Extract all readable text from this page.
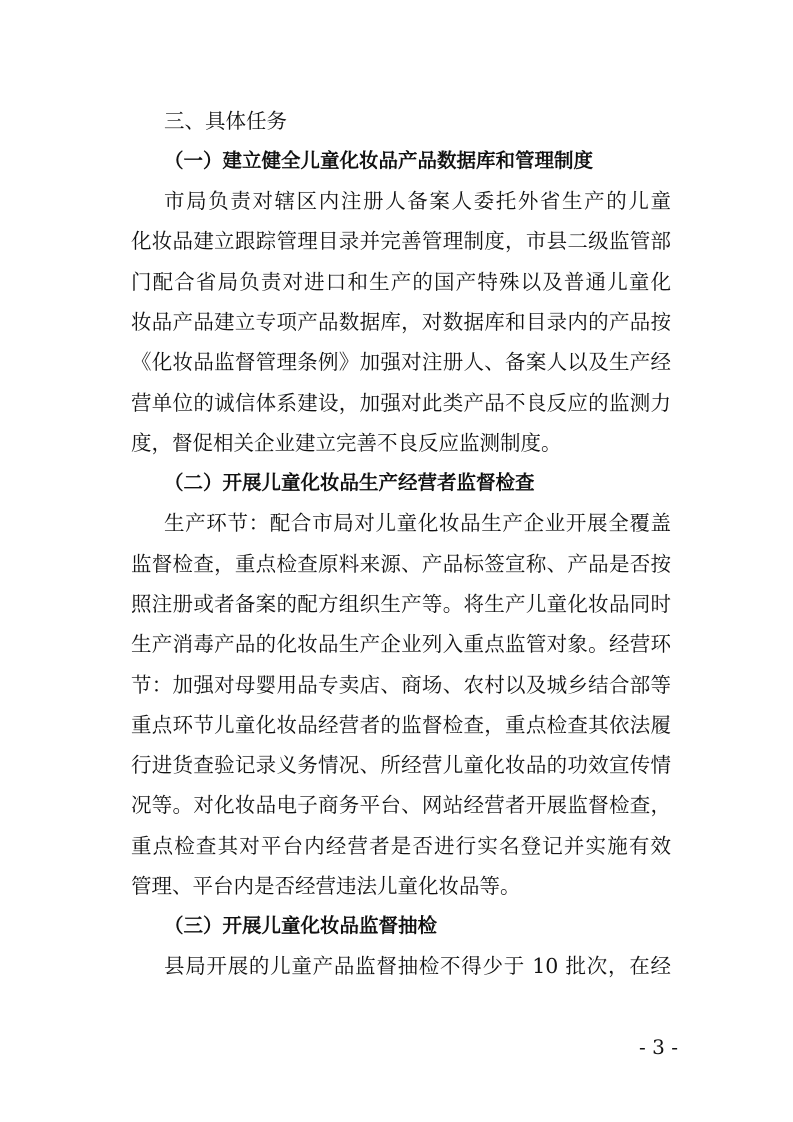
三、具体任务
（一）建立健全儿童化妆品产品数据库和管理制度
市局负责对辖区内注册人备案人委托外省生产的儿童
化妆品建立跟踪管理目录并完善管理制度，市县二级监管部
门配合省局负责对进口和生产的国产特殊以及普通儿童化
妆品产品建立专项产品数据库，对数据库和目录内的产品按
《化妆品监督管理条例》加强对注册人、备案人以及生产经
营单位的诚信体系建设，加强对此类产品不良反应的监测力
度，督促相关企业建立完善不良反应监测制度。
（二）开展儿童化妆品生产经营者监督检查
生产环节：配合市局对儿童化妆品生产企业开展全覆盖
监督检查，重点检查原料来源、产品标签宣称、产品是否按
照注册或者备案的配方组织生产等。将生产儿童化妆品同时
生产消毒产品的化妆品生产企业列入重点监管对象。经营环
节：加强对母婴用品专卖店、商场、农村以及城乡结合部等
重点环节儿童化妆品经营者的监督检查，重点检查其依法履
行进货查验记录义务情况、所经营儿童化妆品的功效宣传情
况等。对化妆品电子商务平台、网站经营者开展监督检查，
重点检查其对平台内经营者是否进行实名登记并实施有效
管理、平台内是否经营违法儿童化妆品等。
（三）开展儿童化妆品监督抽检
县局开展的儿童产品监督抽检不得少于 10 批次，在经
- 3 -
